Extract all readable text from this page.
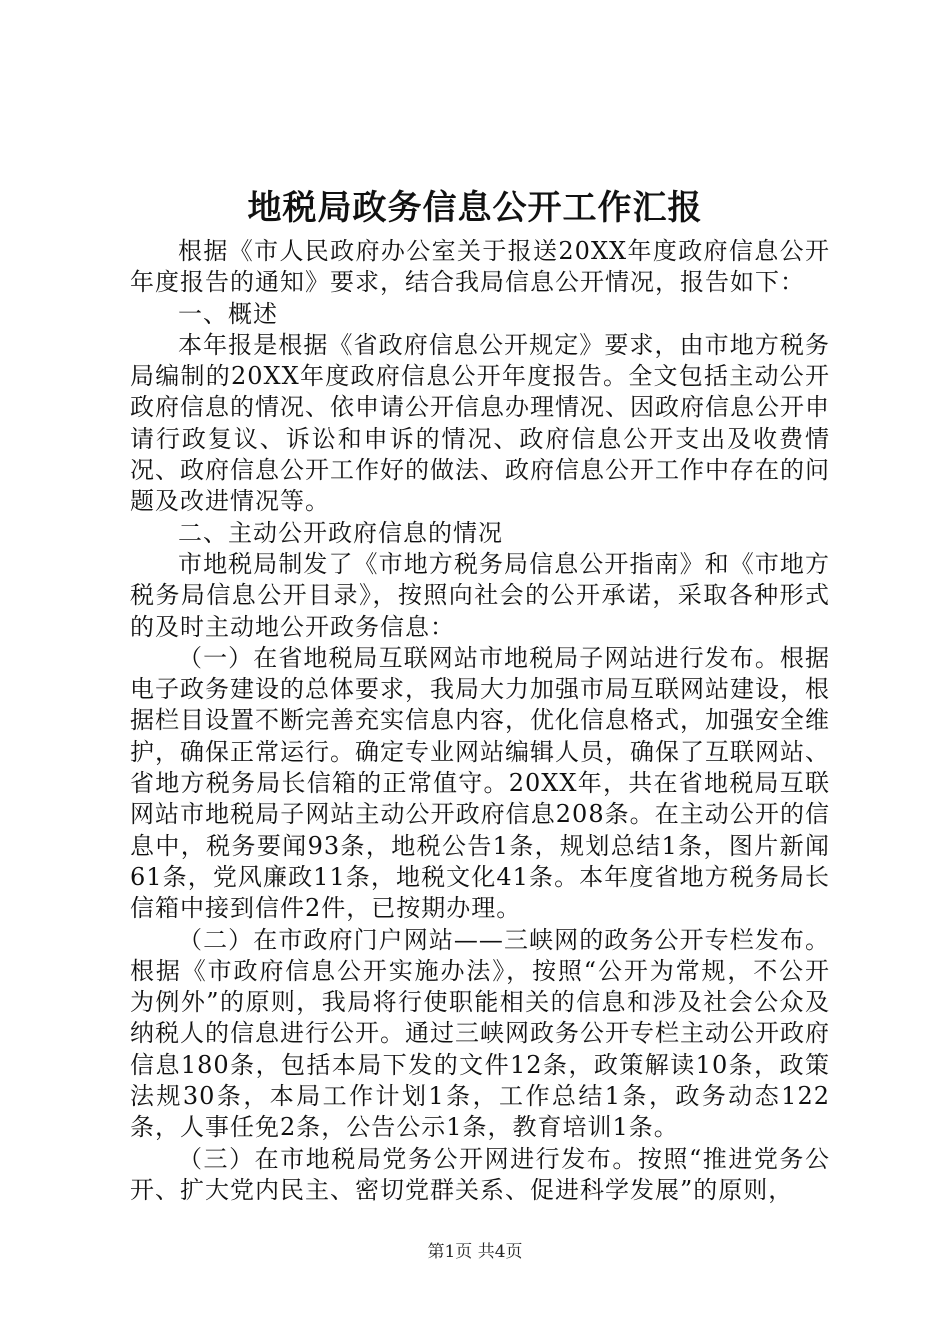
地税局政务信息公开工作汇报

根据《市人民政府办公室关于报送20XX年度政府信息公开年度报告的通知》要求，结合我局信息公开情况，报告如下：

一、概述

本年报是根据《省政府信息公开规定》要求，由市地方税务局编制的20XX年度政府信息公开年度报告。全文包括主动公开政府信息的情况、依申请公开信息办理情况、因政府信息公开申请行政复议、诉讼和申诉的情况、政府信息公开支出及收费情况、政府信息公开工作好的做法、政府信息公开工作中存在的问题及改进情况等。

二、主动公开政府信息的情况

市地税局制发了《市地方税务局信息公开指南》和《市地方税务局信息公开目录》，按照向社会的公开承诺，采取各种形式的及时主动地公开政务信息：

（一）在省地税局互联网站市地税局子网站进行发布。根据电子政务建设的总体要求，我局大力加强市局互联网站建设，根据栏目设置不断完善充实信息内容，优化信息格式，加强安全维护，确保正常运行。确定专业网站编辑人员，确保了互联网站、省地方税务局长信箱的正常值守。20XX年，共在省地税局互联网站市地税局子网站主动公开政府信息208条。在主动公开的信息中，税务要闻93条，地税公告1条，规划总结1条，图片新闻61条，党风廉政11条，地税文化41条。本年度省地方税务局长信箱中接到信件2件，已按期办理。

（二）在市政府门户网站——三峡网的政务公开专栏发布。根据《市政府信息公开实施办法》，按照“公开为常规，不公开为例外”的原则，我局将行使职能相关的信息和涉及社会公众及纳税人的信息进行公开。通过三峡网政务公开专栏主动公开政府信息180条，包括本局下发的文件12条，政策解读10条，政策法规30条，本局工作计划1条，工作总结1条，政务动态122条，人事任免2条，公告公示1条，教育培训1条。

（三）在市地税局党务公开网进行发布。按照“推进党务公开、扩大党内民主、密切党群关系、促进科学发展”的原则，

第1页 共4页
